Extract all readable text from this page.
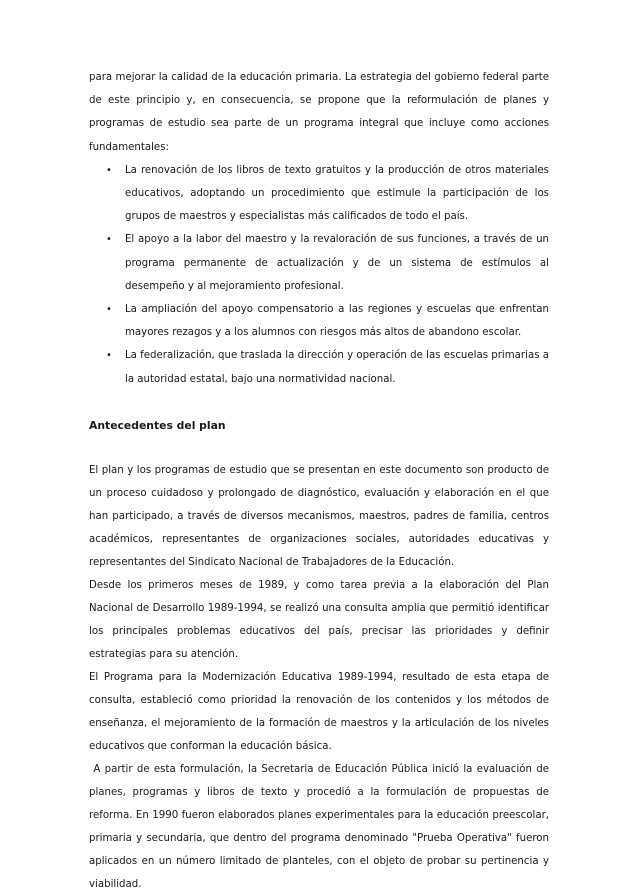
para mejorar la calidad de la educación primaria. La estrategia del gobierno federal parte de este principio y, en consecuencia, se propone que la reformulación de planes y programas de estudio sea parte de un programa integral que incluye como acciones fundamentales:

• La renovación de los libros de texto gratuitos y la producción de otros materiales educativos, adoptando un procedimiento que estimule la participación de los grupos de maestros y especialistas más calificados de todo el país.
• El apoyo a la labor del maestro y la revaloración de sus funciones, a través de un programa permanente de actualización y de un sistema de estímulos al desempeño y al mejoramiento profesional.
• La ampliación del apoyo compensatorio a las regiones y escuelas que enfrentan mayores rezagos y a los alumnos con riesgos más altos de abandono escolar.
• La federalización, que traslada la dirección y operación de las escuelas primarias a la autoridad estatal, bajo una normatividad nacional.
Antecedentes del plan

El plan y los programas de estudio que se presentan en este documento son producto de un proceso cuidadoso y prolongado de diagnóstico, evaluación y elaboración en el que han participado, a través de diversos mecanismos, maestros, padres de familia, centros académicos, representantes de organizaciones sociales, autoridades educativas y representantes del Sindicato Nacional de Trabajadores de la Educación.

Desde los primeros meses de 1989, y como tarea previa a la elaboración del Plan Nacional de Desarrollo 1989-1994, se realizó una consulta amplia que permitió identificar los principales problemas educativos del país, precisar las prioridades y definir estrategias para su atención.

El Programa para la Modernización Educativa 1989-1994, resultado de esta etapa de consulta, estableció como prioridad la renovación de los contenidos y los métodos de enseñanza, el mejoramiento de la formación de maestros y la articulación de los niveles educativos que conforman la educación básica.

A partir de esta formulación, la Secretaria de Educación Pública inició la evaluación de planes, programas y libros de texto y procedió a la formulación de propuestas de reforma. En 1990 fueron elaborados planes experimentales para la educación preescolar, primaria y secundaria, que dentro del programa denominado "Prueba Operativa" fueron aplicados en un número limitado de planteles, con el objeto de probar su pertinencia y viabilidad.
